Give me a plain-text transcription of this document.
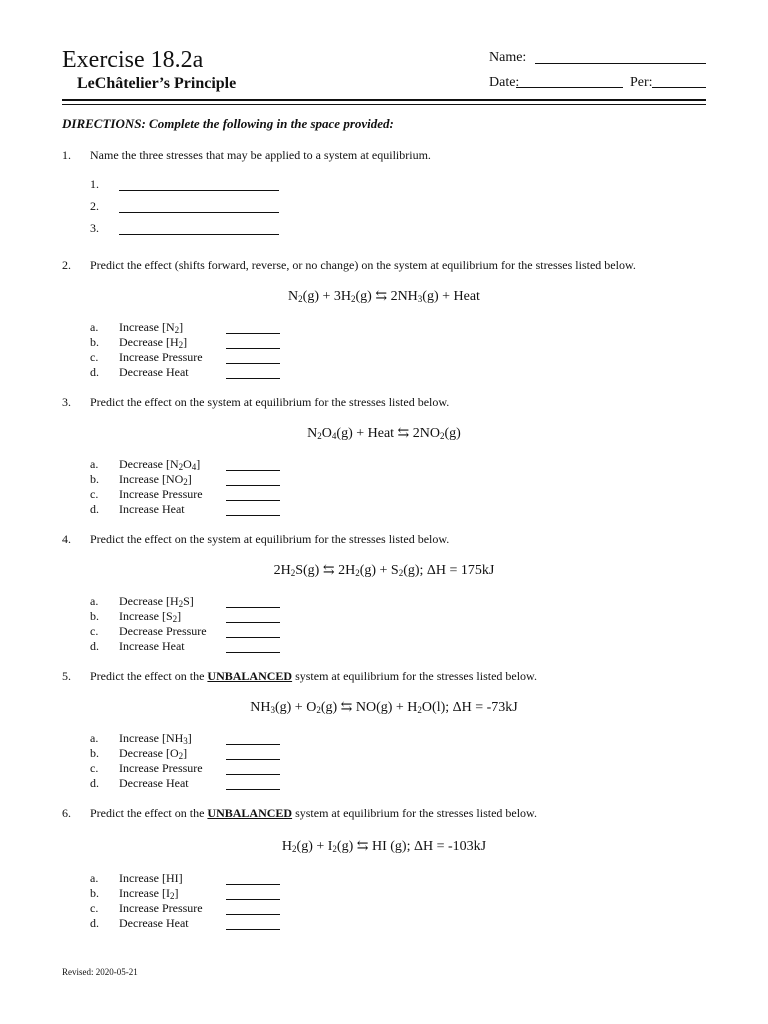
Exercise 18.2a
LeChâtelier’s Principle
Name:
Date:	Per:
DIRECTIONS: Complete the following in the space provided:
1. Name the three stresses that may be applied to a system at equilibrium.
1.
2.
3.
2. Predict the effect (shifts forward, reverse, or no change) on the system at equilibrium for the stresses listed below.
$N_2(g) + 3H_2(g)$ ⇆ $2NH_3(g)$ + Heat
a. Increase $[N_2]$
b. Decrease $[H_2]$
c. Increase Pressure
d. Decrease Heat
3. Predict the effect on the system at equilibrium for the stresses listed below.
$N_2O_4(g)$ + Heat ⇆ $2NO_2(g)$
a. Decrease $[N_2O_4]$
b. Increase $[NO_2]$
c. Increase Pressure
d. Increase Heat
4. Predict the effect on the system at equilibrium for the stresses listed below.
$2H_2S(g)$ ⇆ $2H_2(g) + S_2(g)$; ΔH = 175kJ
a. Decrease $[H_2S]$
b. Increase $[S_2]$
c. Decrease Pressure
d. Increase Heat
5. Predict the effect on the UNBALANCED system at equilibrium for the stresses listed below.
$NH_3(g) + O_2(g)$ ⇆ $NO(g) + H_2O(l)$; ΔH = -73kJ
a. Increase $[NH_3]$
b. Decrease $[O_2]$
c. Increase Pressure
d. Decrease Heat
6. Predict the effect on the UNBALANCED system at equilibrium for the stresses listed below.
$H_2(g) + I_2(g)$ ⇆ HI (g); ΔH = -103kJ
a. Increase [HI]
b. Increase $[I_2]$
c. Increase Pressure
d. Decrease Heat
Revised: 2020-05-21
